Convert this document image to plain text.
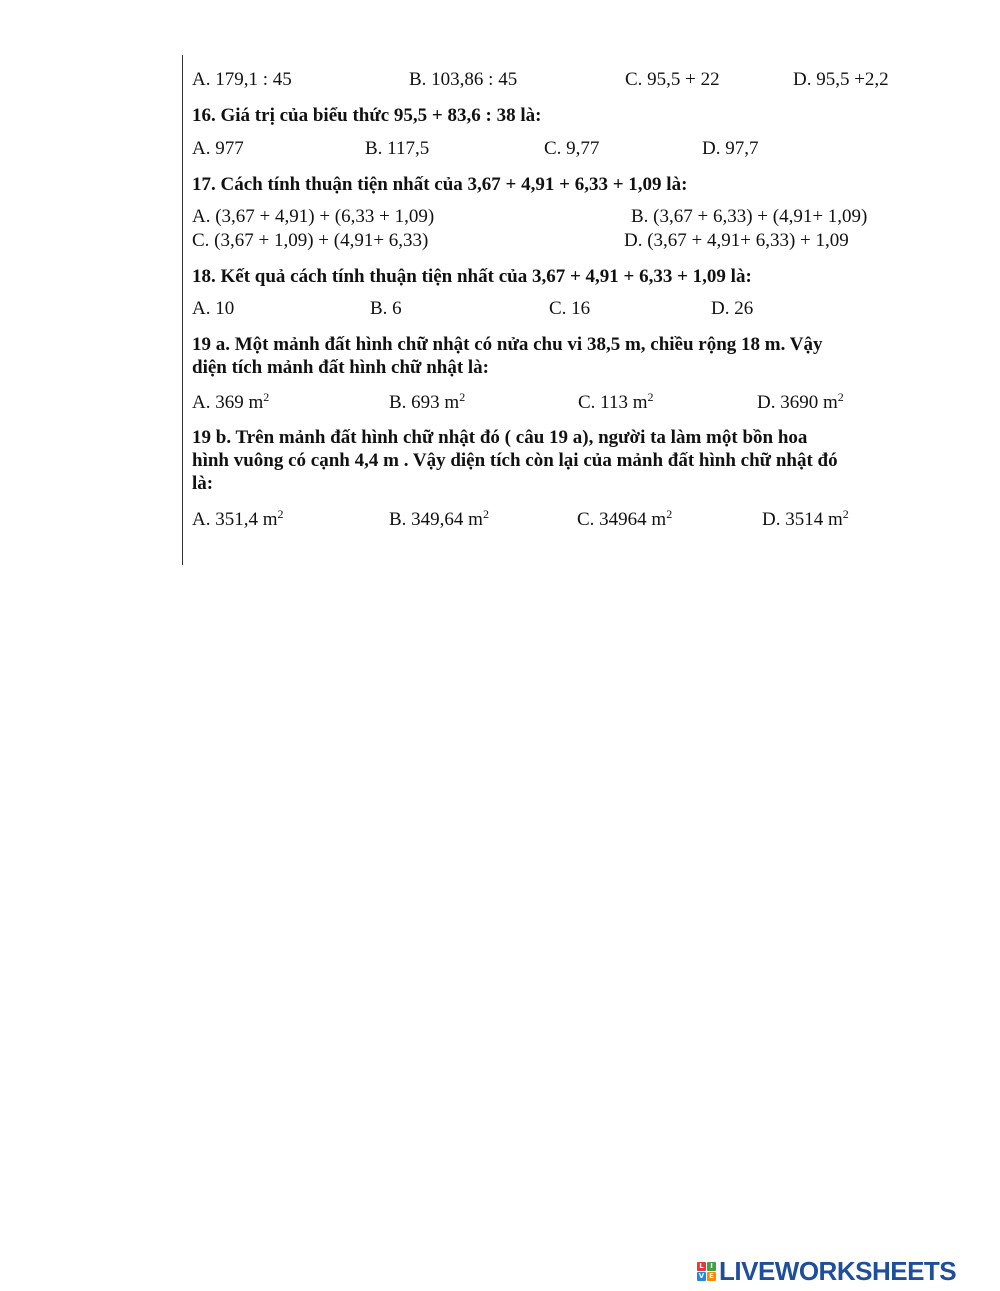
A. 179,1 : 45	B. 103,86 : 45	C. 95,5 + 22	D. 95,5 +2,2
16. Giá trị của biểu thức 95,5 + 83,6 : 38 là:
A. 977	B. 117,5	C. 9,77	D. 97,7
17. Cách tính thuận tiện nhất của 3,67 + 4,91 + 6,33 + 1,09 là:
A. (3,67 + 4,91) + (6,33 + 1,09)	B. (3,67 + 6,33) + (4,91+ 1,09)
C. (3,67 + 1,09) + (4,91+ 6,33)	D. (3,67 + 4,91+ 6,33) + 1,09
18. Kết quả cách tính thuận tiện nhất của 3,67 + 4,91 + 6,33 + 1,09 là:
A. 10	B. 6	C. 16	D. 26
19 a. Một mảnh đất hình chữ nhật có nửa chu vi 38,5 m, chiều rộng 18 m. Vậy
diện tích mảnh đất hình chữ nhật là:
A. 369 $m^2$	B. 693 $m^2$	C. 113 $m^2$	D. 3690 $m^2$
19 b. Trên mảnh đất hình chữ nhật đó ( câu 19 a), người ta làm một bồn hoa
hình vuông có cạnh 4,4 m . Vậy diện tích còn lại của mảnh đất hình chữ nhật đó
là:
A. 351,4 $m^2$	B. 349,64 $m^2$	C. 34964 $m^2$	D. 3514 $m^2$
L I
V E LIVEWORKSHEETS
